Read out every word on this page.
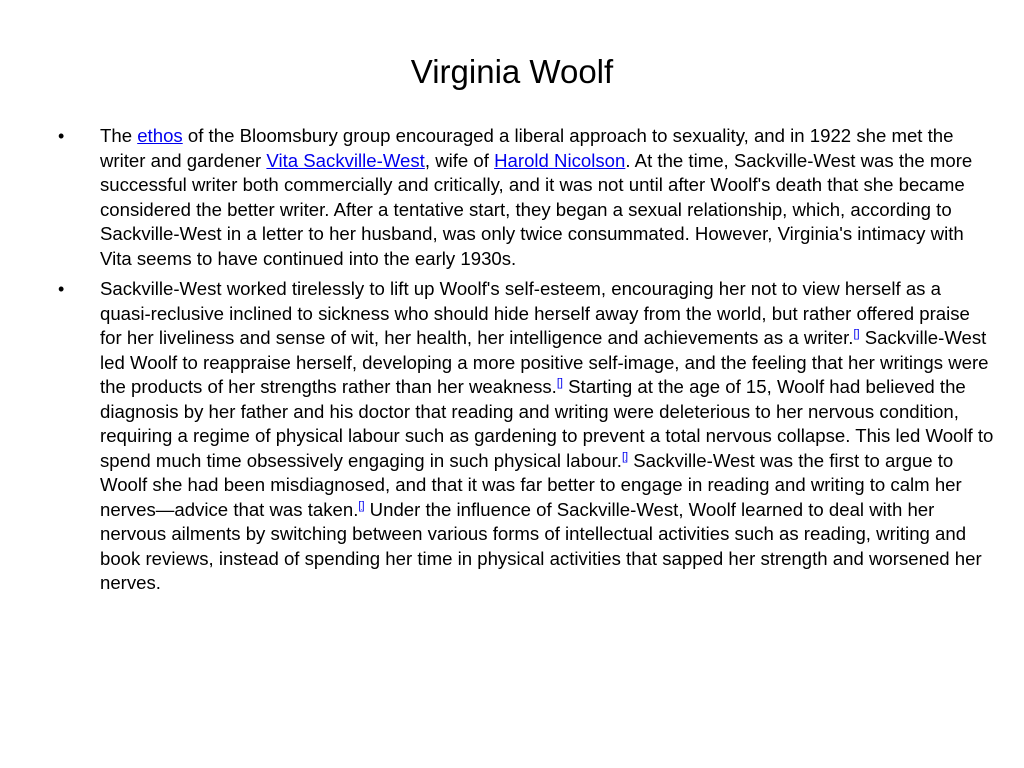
Virginia Woolf
• The ethos of the Bloomsbury group encouraged a liberal approach to sexuality, and in 1922 she met the writer and gardener Vita Sackville-West, wife of Harold Nicolson. At the time, Sackville-West was the more successful writer both commercially and critically, and it was not until after Woolf's death that she became considered the better writer. After a tentative start, they began a sexual relationship, which, according to Sackville-West in a letter to her husband, was only twice consummated. However, Virginia's intimacy with Vita seems to have continued into the early 1930s.
• Sackville-West worked tirelessly to lift up Woolf's self-esteem, encouraging her not to view herself as a quasi-reclusive inclined to sickness who should hide herself away from the world, but rather offered praise for her liveliness and sense of wit, her health, her intelligence and achievements as a writer.[] Sackville-West led Woolf to reappraise herself, developing a more positive self-image, and the feeling that her writings were the products of her strengths rather than her weakness.[] Starting at the age of 15, Woolf had believed the diagnosis by her father and his doctor that reading and writing were deleterious to her nervous condition, requiring a regime of physical labour such as gardening to prevent a total nervous collapse. This led Woolf to spend much time obsessively engaging in such physical labour.[] Sackville-West was the first to argue to Woolf she had been misdiagnosed, and that it was far better to engage in reading and writing to calm her nerves—advice that was taken.[] Under the influence of Sackville-West, Woolf learned to deal with her nervous ailments by switching between various forms of intellectual activities such as reading, writing and book reviews, instead of spending her time in physical activities that sapped her strength and worsened her nerves.
